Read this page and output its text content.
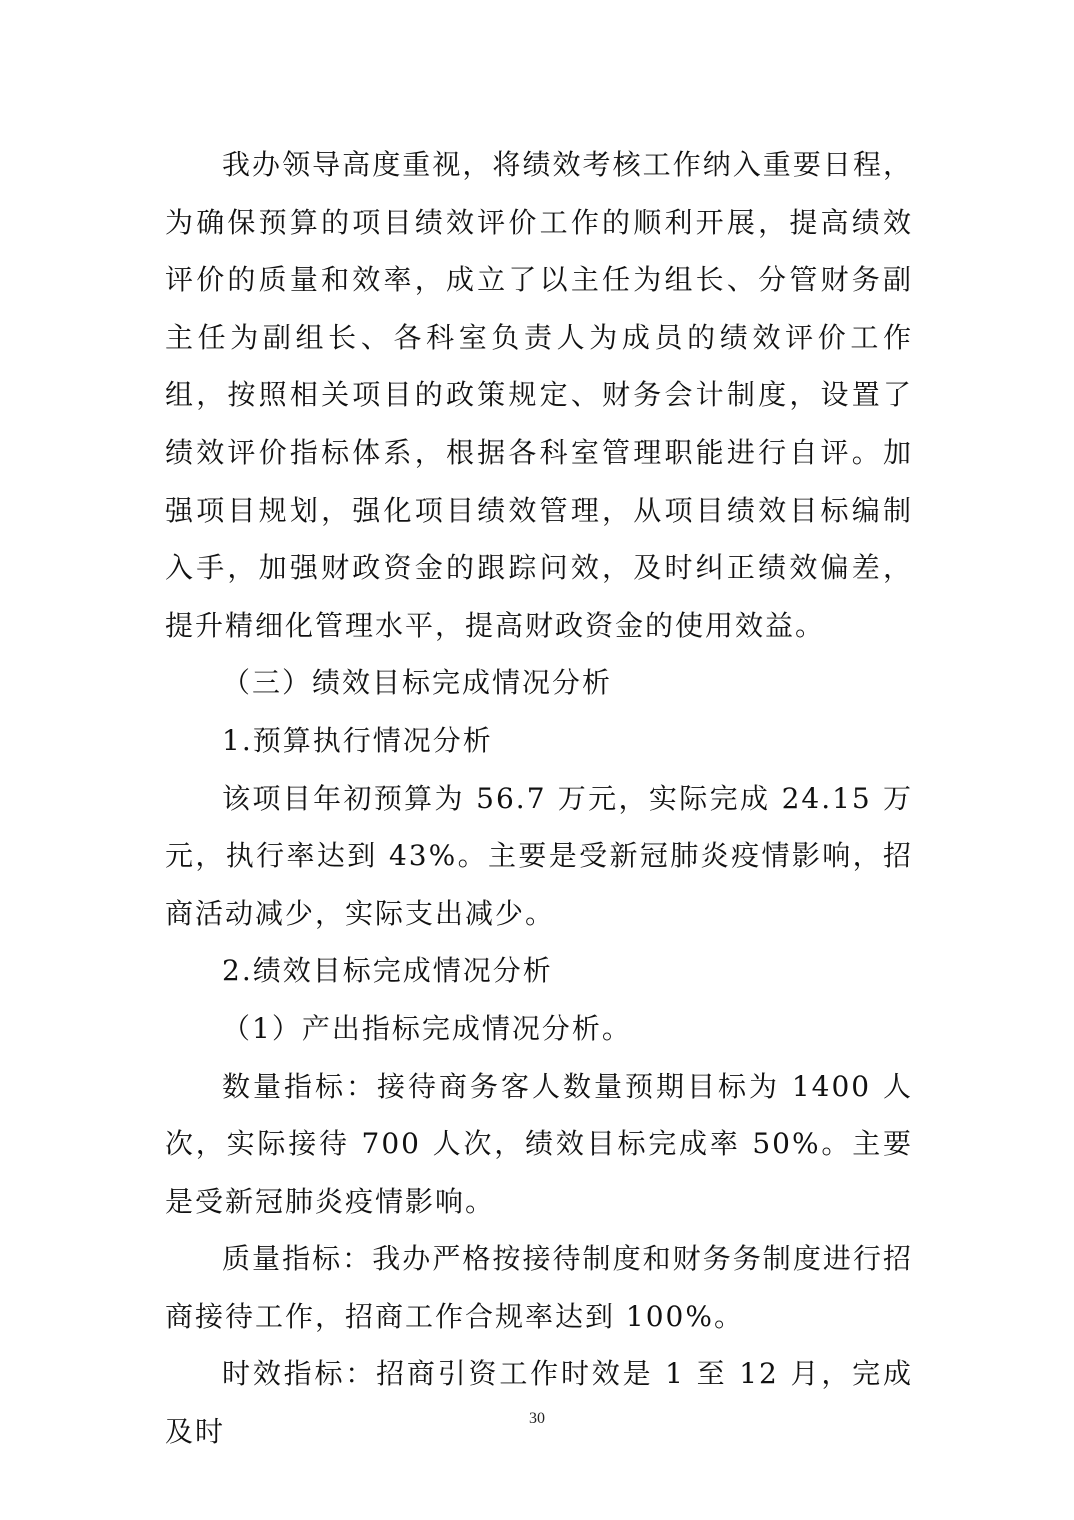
我办领导高度重视，将绩效考核工作纳入重要日程，为确保预算的项目绩效评价工作的顺利开展，提高绩效评价的质量和效率，成立了以主任为组长、分管财务副主任为副组长、各科室负责人为成员的绩效评价工作组，按照相关项目的政策规定、财务会计制度，设置了绩效评价指标体系，根据各科室管理职能进行自评。加强项目规划，强化项目绩效管理，从项目绩效目标编制入手，加强财政资金的跟踪问效，及时纠正绩效偏差，提升精细化管理水平，提高财政资金的使用效益。

（三）绩效目标完成情况分析

1.预算执行情况分析

该项目年初预算为 56.7 万元，实际完成 24.15 万元，执行率达到 43%。主要是受新冠肺炎疫情影响，招商活动减少，实际支出减少。

2.绩效目标完成情况分析

（1）产出指标完成情况分析。

数量指标：接待商务客人数量预期目标为 1400 人次，实际接待 700 人次，绩效目标完成率 50%。主要是受新冠肺炎疫情影响。

质量指标：我办严格按接待制度和财务务制度进行招商接待工作，招商工作合规率达到 100%。

时效指标：招商引资工作时效是 1 至 12 月，完成及时	30
